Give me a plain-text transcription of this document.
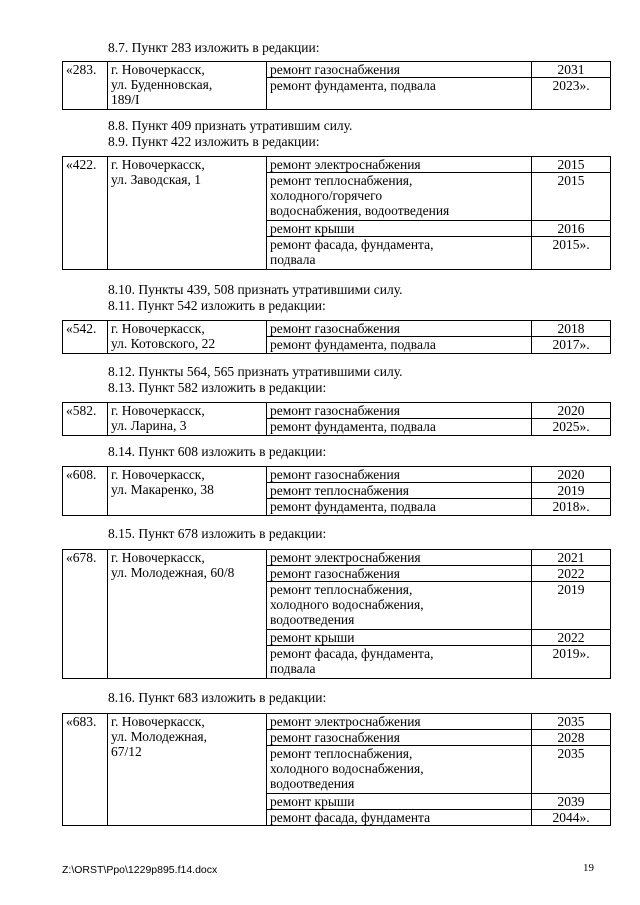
8.7. Пункт 283 изложить в редакции:
«283.	г. Новочеркасск,
ул. Буденновская,
189/I	ремонт газоснабжения	2031
		ремонт фундамента, подвала	2023».
8.8. Пункт 409 признать утратившим силу.
8.9. Пункт 422 изложить в редакции:
«422.	г. Новочеркасск,
ул. Заводская, 1	ремонт электроснабжения	2015
		ремонт теплоснабжения,
холодного/горячего
водоснабжения, водоотведения	2015
		ремонт крыши	2016
		ремонт фасада, фундамента,
подвала	2015».
8.10. Пункты 439, 508 признать утратившими силу.
8.11. Пункт 542 изложить в редакции:
«542.	г. Новочеркасск,
ул. Котовского, 22	ремонт газоснабжения	2018
		ремонт фундамента, подвала	2017».
8.12. Пункты 564, 565 признать утратившими силу.
8.13. Пункт 582 изложить в редакции:
«582.	г. Новочеркасск,
ул. Ларина, 3	ремонт газоснабжения	2020
		ремонт фундамента, подвала	2025».
8.14. Пункт 608 изложить в редакции:
«608.	г. Новочеркасск,
ул. Макаренко, 38	ремонт газоснабжения	2020
		ремонт теплоснабжения	2019
		ремонт фундамента, подвала	2018».
8.15. Пункт 678 изложить в редакции:
«678.	г. Новочеркасск,
ул. Молодежная, 60/8	ремонт электроснабжения	2021
		ремонт газоснабжения	2022
		ремонт теплоснабжения,
холодного водоснабжения,
водоотведения	2019
		ремонт крыши	2022
		ремонт фасада, фундамента,
подвала	2019».
8.16. Пункт 683 изложить в редакции:
«683.	г. Новочеркасск,
ул. Молодежная,
67/12	ремонт электроснабжения	2035
		ремонт газоснабжения	2028
		ремонт теплоснабжения,
холодного водоснабжения,
водоотведения	2035
		ремонт крыши	2039
		ремонт фасада, фундамента	2044».
Z:\ORST\Ppo\1229p895.f14.docx	19
